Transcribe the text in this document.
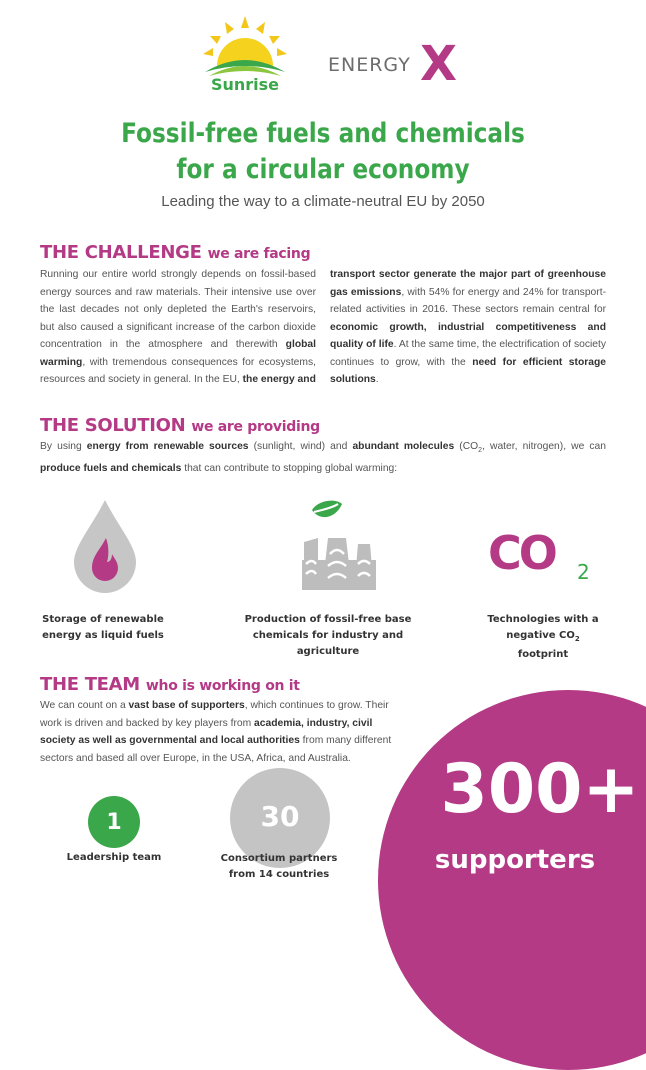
Sunrise
ENERGY X
Fossil-free fuels and chemicals
for a circular economy
Leading the way to a climate-neutral EU by 2050
THE CHALLENGE we are facing
Running our entire world strongly depends on fossil-based energy sources and raw materials. Their intensive use over the last decades not only depleted the Earth's reservoirs, but also caused a significant increase of the carbon dioxide concentration in the atmosphere and therewith global warming, with tremendous consequences for ecosystems, resources and society in general. In the EU, the energy and
transport sector generate the major part of greenhouse gas emissions, with 54% for energy and 24% for transport-related activities in 2016. These sectors remain central for economic growth, industrial competitiveness and quality of life. At the same time, the electrification of society continues to grow, with the need for efficient storage solutions.
THE SOLUTION we are providing
By using energy from renewable sources (sunlight, wind) and abundant molecules ($CO_2$, water, nitrogen), we can produce fuels and chemicals that can contribute to stopping global warming:
CO 2
Storage of renewable energy as liquid fuels
Production of fossil-free base chemicals for industry and agriculture
Technologies with a negative $CO_2$ footprint
THE TEAM who is working on it
We can count on a vast base of supporters, which continues to grow. Their work is driven and backed by key players from academia, industry, civil society as well as governmental and local authorities from many different sectors and based all over Europe, in the USA, Africa, and Australia.	300+
supporters
1
Leadership team
30
Consortium partners from 14 countries
